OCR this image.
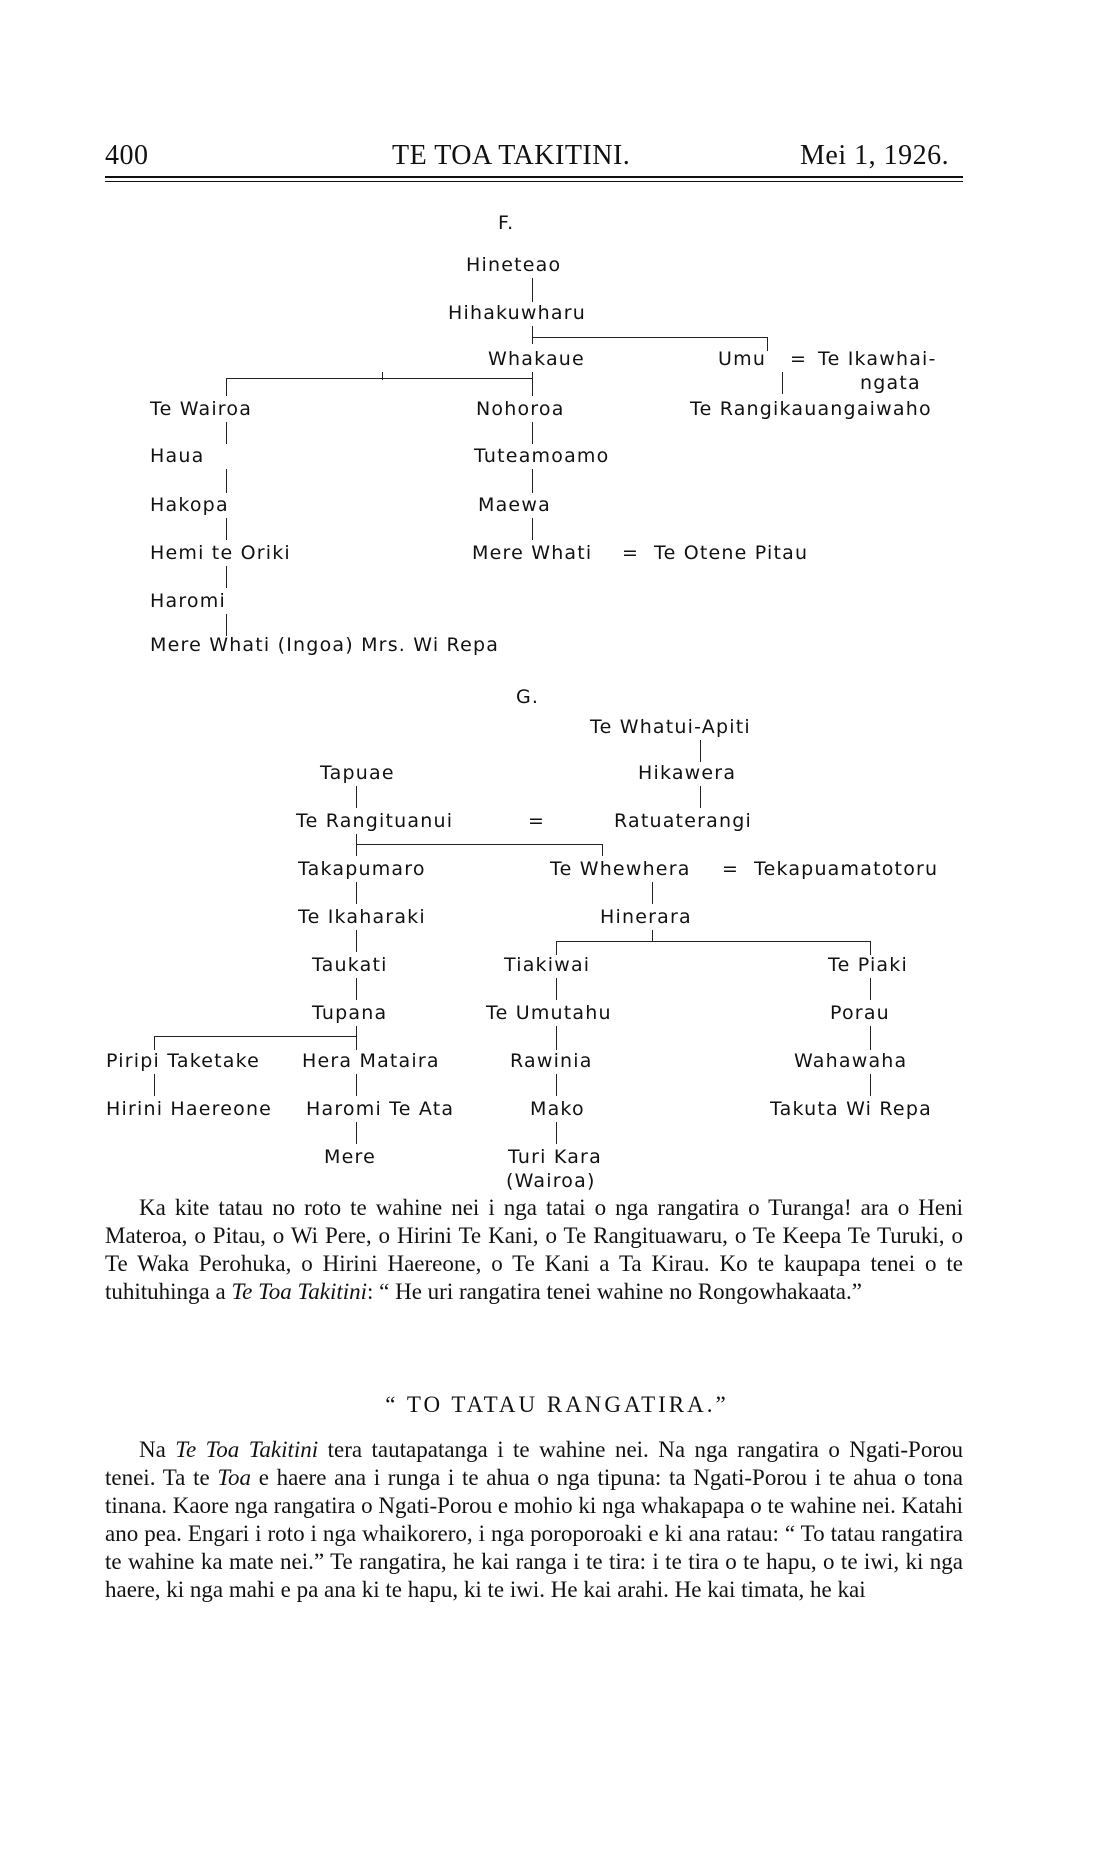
400	TE TOA TAKITINI.	Mei 1, 1926.
F.
Hineteao
Hihakuwharu
Whakaue	Umu = Te Ikawhai-
ngata
Te Wairoa	Nohoroa	Te Rangikauangaiwaho
Haua	Tuteamoamo
Hakopa	Maewa
Hemi te Oriki	Mere Whati = Te Otene Pitau
Haromi
Mere Whati (Ingoa) Mrs. Wi Repa
G.
Te Whatui-Apiti
Tapuae	Hikawera
Te Rangituanui	=	Ratuaterangi
Takapumaro	Te Whewhera = Tekapuamatotoru
Te Ikaharaki	Hinerara
Taukati	Tiakiwai	Te Piaki
Tupana	Te Umutahu	Porau
Piripi Taketake Hera Mataira	Rawinia	Wahawaha
Hirini Haereone Haromi Te Ata	Mako	Takuta Wi Repa
Mere	Turi Kara
(Wairoa)

Ka kite tatau no roto te wahine nei i nga tatai o nga rangatira o Turanga! ara o Heni Materoa, o Pitau, o Wi Pere, o Hirini Te Kani, o Te Rangituawaru, o Te Keepa Te Turuki, o Te Waka Perohuka, o Hirini Haereone, o Te Kani a Ta Kirau. Ko te kaupapa tenei o te tuhituhinga a Te Toa Takitini: “ He uri rangatira tenei wahine no Rongowhakaata.”

“ TO TATAU RANGATIRA.”

Na Te Toa Takitini tera tautapatanga i te wahine nei. Na nga rangatira o Ngati-Porou tenei. Ta te Toa e haere ana i runga i te ahua o nga tipuna: ta Ngati-Porou i te ahua o tona tinana. Kaore nga rangatira o Ngati-Porou e mohio ki nga whakapapa o te wahine nei. Katahi ano pea. Engari i roto i nga whaikorero, i nga poroporoaki e ki ana ratau: “ To tatau rangatira te wahine ka mate nei.” Te rangatira, he kai ranga i te tira: i te tira o te hapu, o te iwi, ki nga haere, ki nga mahi e pa ana ki te hapu, ki te iwi. He kai arahi. He kai timata, he kai
